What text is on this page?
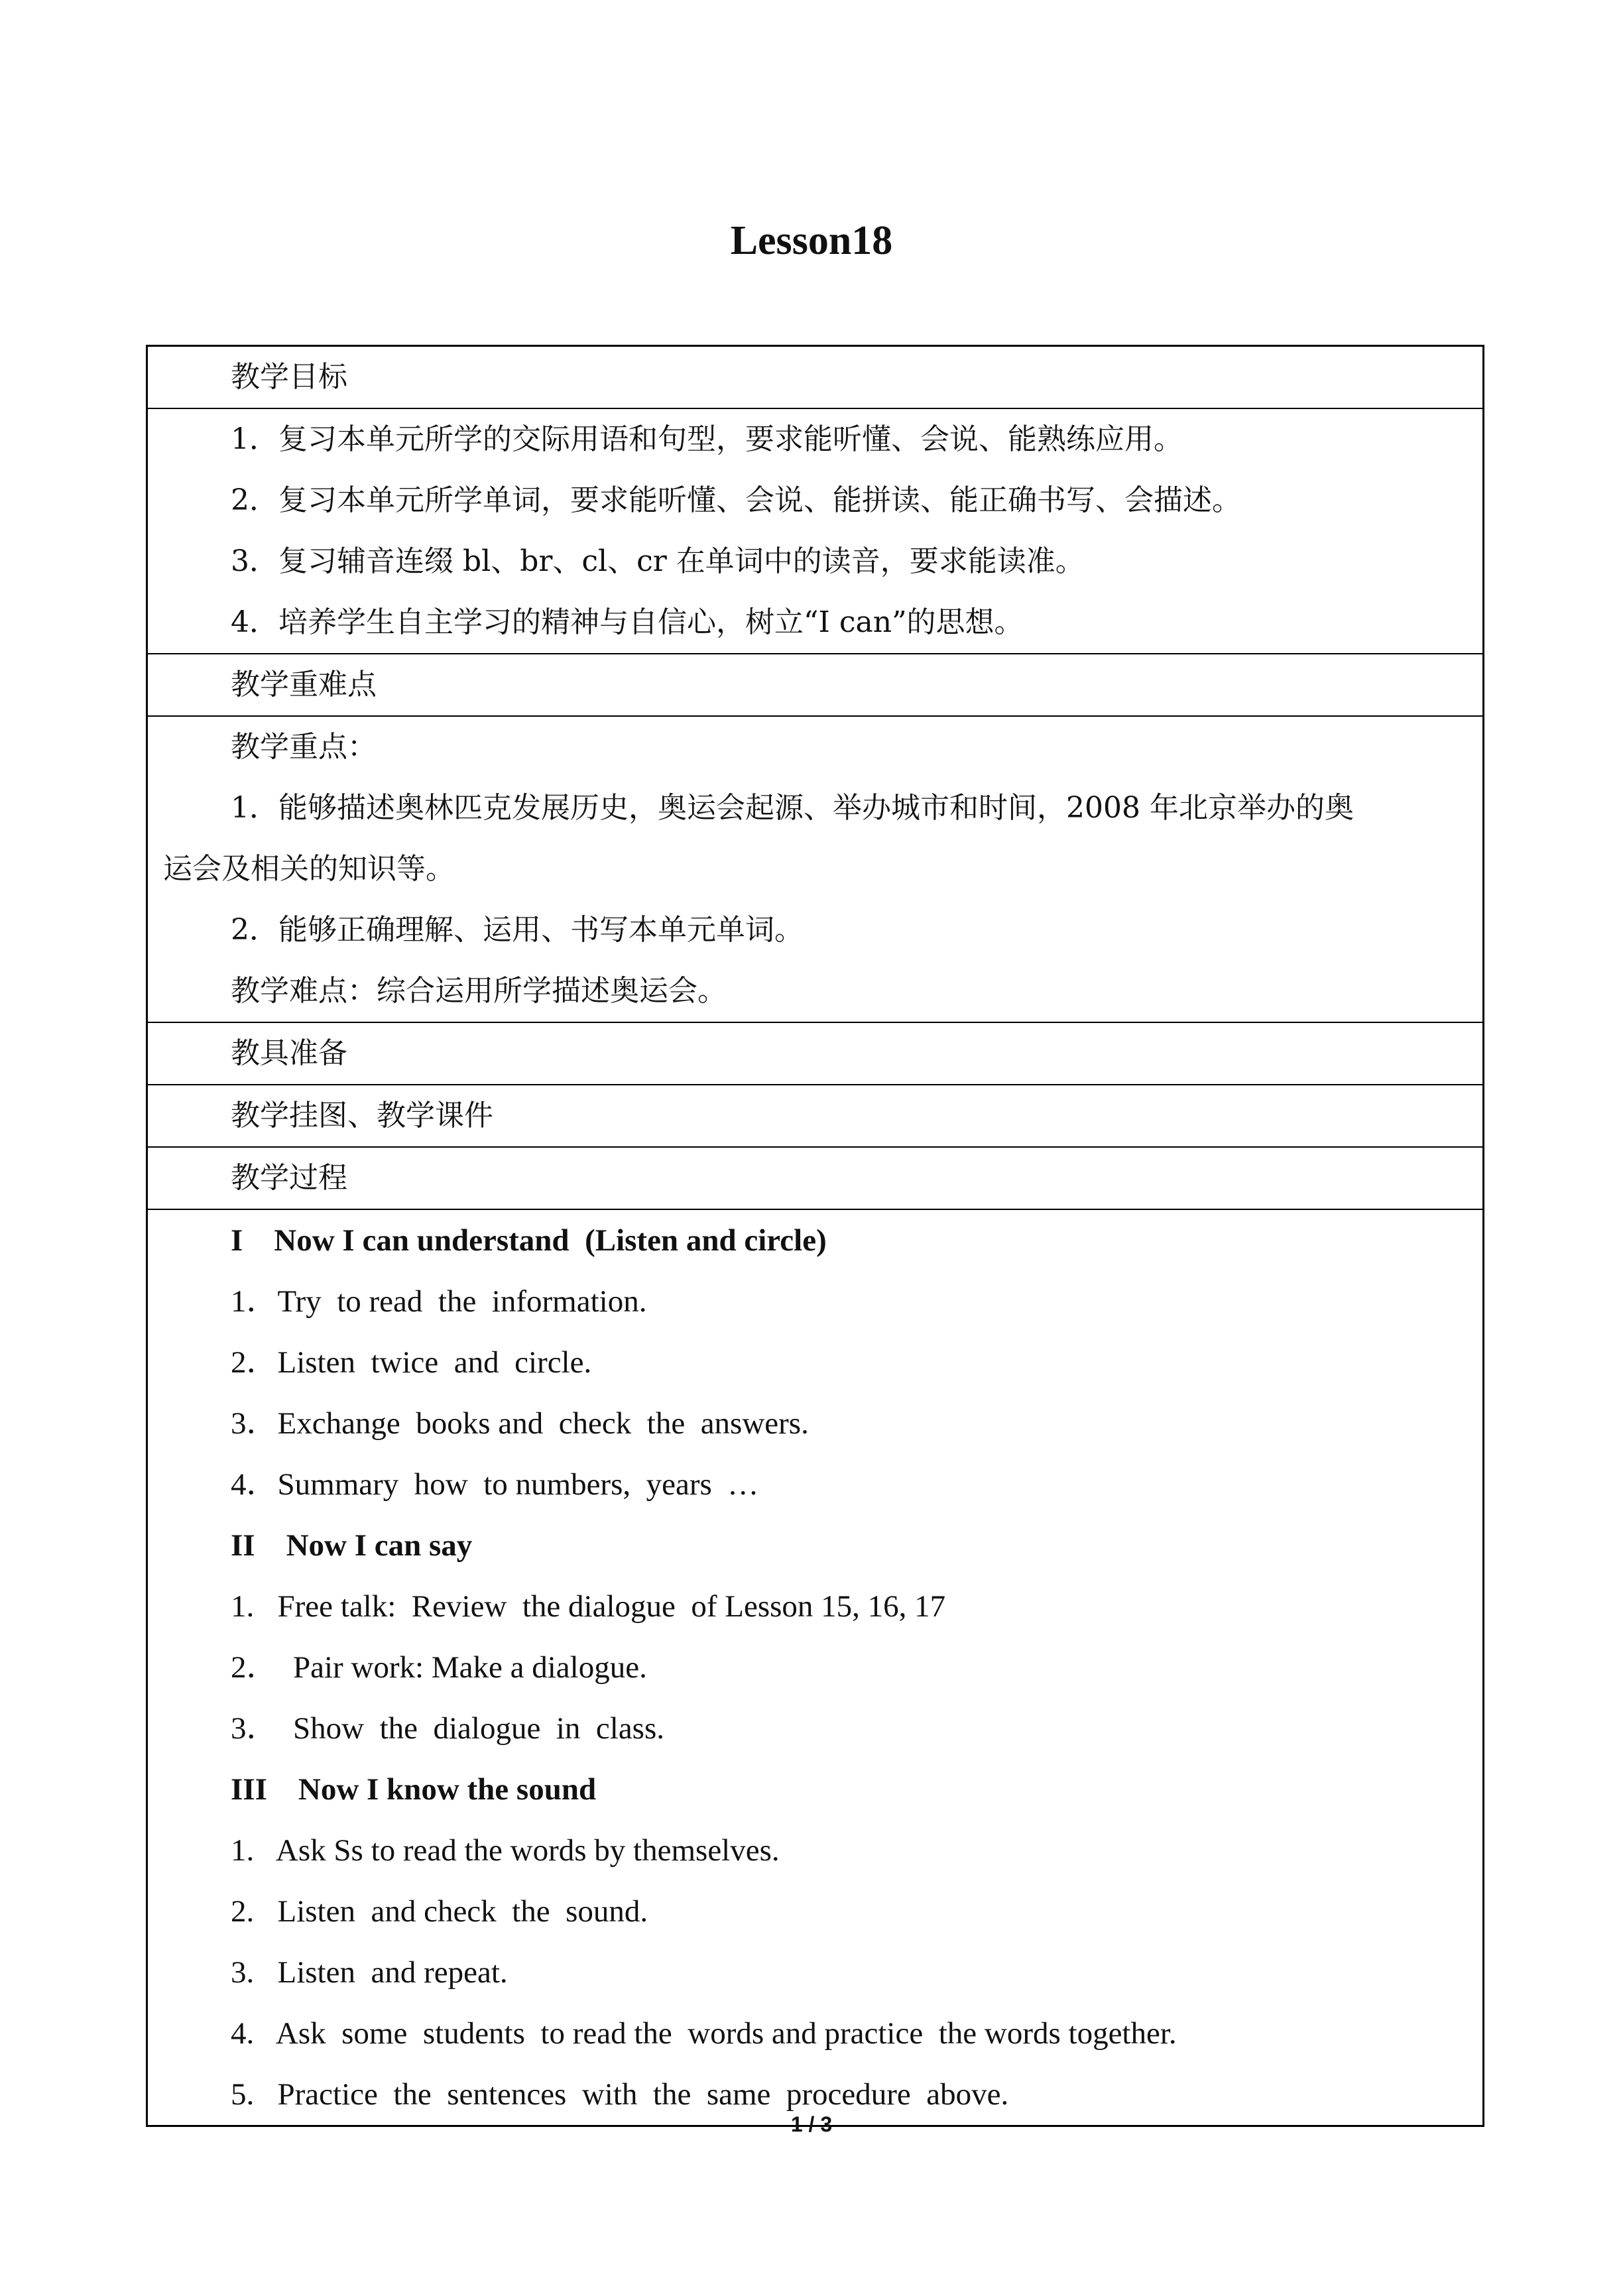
Lesson18
教学目标
1．复习本单元所学的交际用语和句型，要求能听懂、会说、能熟练应用。
2．复习本单元所学单词，要求能听懂、会说、能拼读、能正确书写、会描述。
3．复习辅音连缀 bl、br、cl、cr 在单词中的读音，要求能读准。
4．培养学生自主学习的精神与自信心，树立“I can”的思想。
教学重难点
教学重点：
1．能够描述奥林匹克发展历史，奥运会起源、举办城市和时间，2008 年北京举办的奥
运会及相关的知识等。
2．能够正确理解、运用、书写本单元单词。
教学难点：综合运用所学描述奥运会。
教具准备
教学挂图、教学课件
教学过程
I    Now I can understand  (Listen and circle)
1．Try  to read  the  information.
2．Listen  twice  and  circle.
3．Exchange  books and  check  the  answers.
4．Summary  how  to numbers,  years  …
II    Now I can say
1.   Free talk:  Review  the dialogue  of Lesson 15, 16, 17
2．  Pair work: Make a dialogue.
3．  Show  the  dialogue  in  class.
III    Now I know the sound
1.   Ask Ss to read the words by themselves.
2.   Listen  and check  the  sound.
3.   Listen  and repeat.
4.   Ask  some  students  to read the  words and practice  the words together.
5.   Practice  the  sentences  with  the  same  procedure  above.
1 / 3
